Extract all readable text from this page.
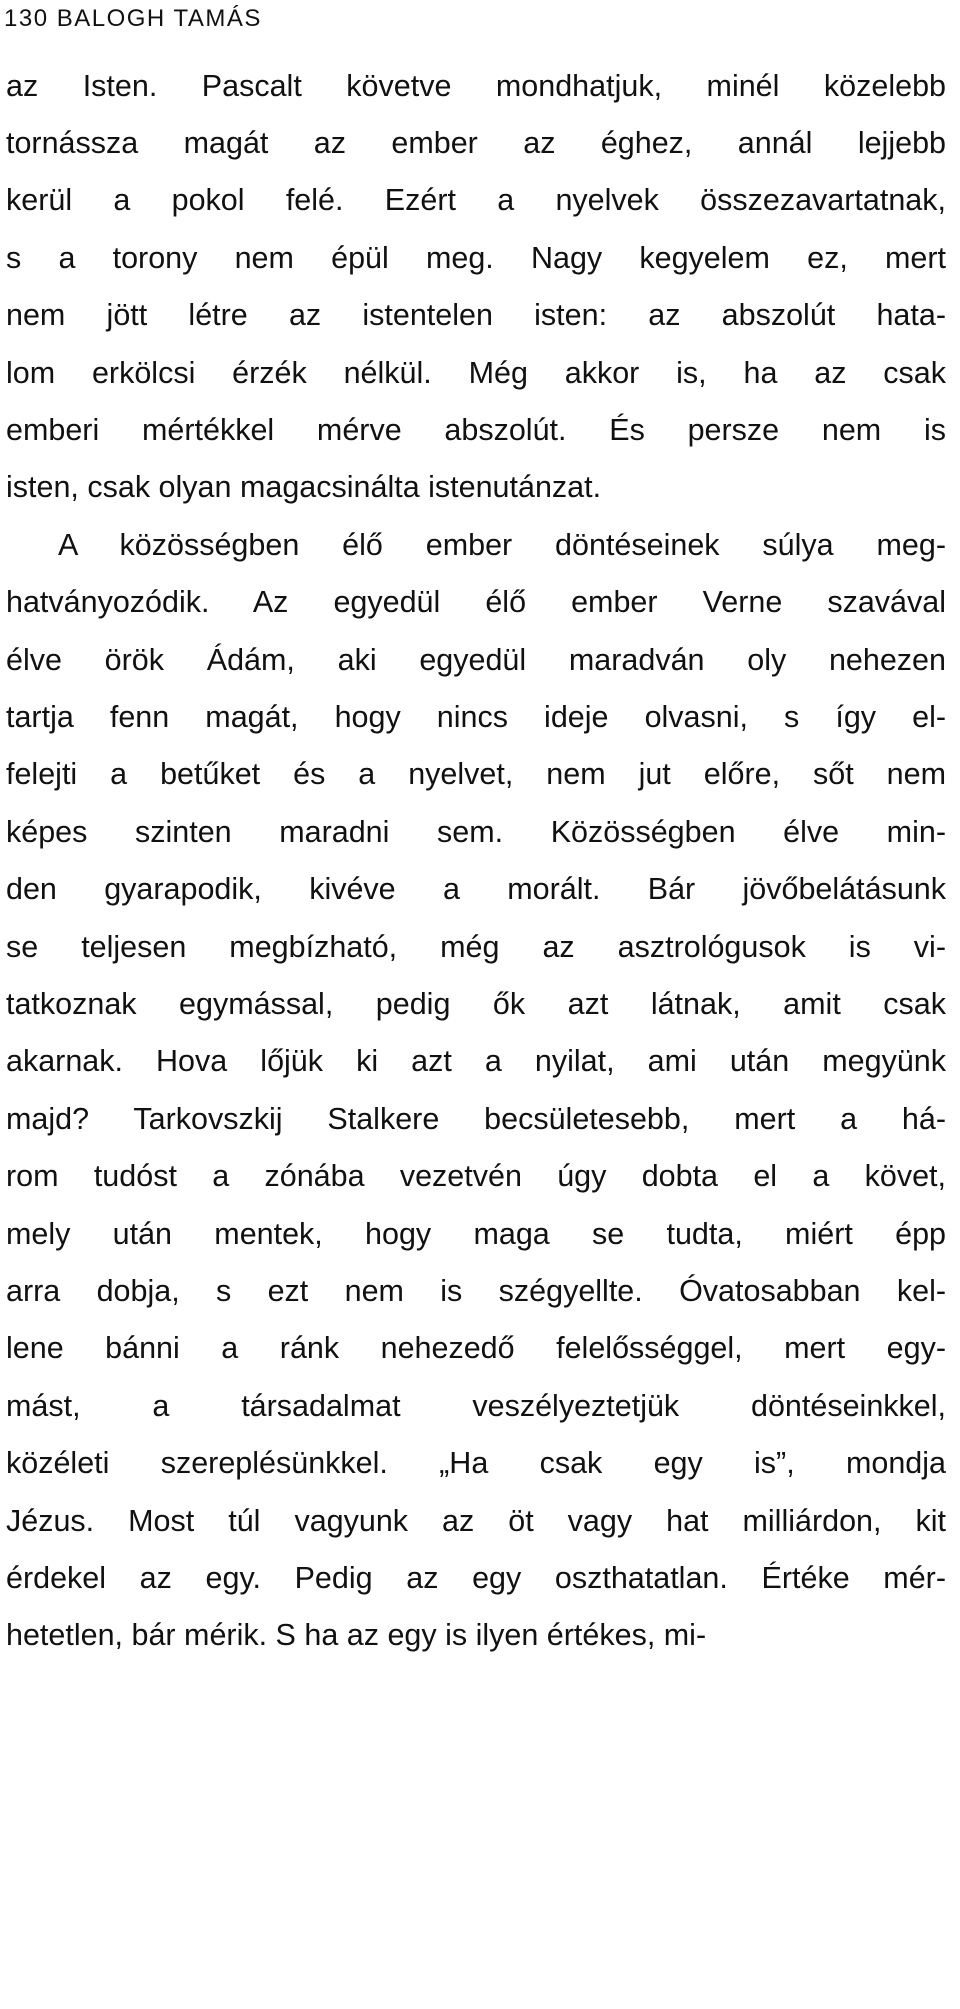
130 BALOGH TAMÁS
az Isten. Pascalt követve mondhatjuk, minél közelebb
tornássza magát az ember az éghez, annál lejjebb
kerül a pokol felé. Ezért a nyelvek összezavartatnak,
s a torony nem épül meg. Nagy kegyelem ez, mert
nem jött létre az istentelen isten: az abszolút hata-
lom erkölcsi érzék nélkül. Még akkor is, ha az csak
emberi mértékkel mérve abszolút. És persze nem is
isten, csak olyan magacsinálta istenutánzat.
A közösségben élő ember döntéseinek súlya meg-
hatványozódik. Az egyedül élő ember Verne szavával
élve örök Ádám, aki egyedül maradván oly nehezen
tartja fenn magát, hogy nincs ideje olvasni, s így el-
felejti a betűket és a nyelvet, nem jut előre, sőt nem
képes szinten maradni sem. Közösségben élve min-
den gyarapodik, kivéve a morált. Bár jövőbelátásunk
se teljesen megbízható, még az asztrológusok is vi-
tatkoznak egymással, pedig ők azt látnak, amit csak
akarnak. Hova lőjük ki azt a nyilat, ami után megyünk
majd? Tarkovszkij Stalkere becsületesebb, mert a há-
rom tudóst a zónába vezetvén úgy dobta el a követ,
mely után mentek, hogy maga se tudta, miért épp
arra dobja, s ezt nem is szégyellte. Óvatosabban kel-
lene bánni a ránk nehezedő felelősséggel, mert egy-
mást, a társadalmat veszélyeztetjük döntéseinkkel,
közéleti szereplésünkkel. „Ha csak egy is”, mondja
Jézus. Most túl vagyunk az öt vagy hat milliárdon, kit
érdekel az egy. Pedig az egy oszthatatlan. Értéke mér-
hetetlen, bár mérik. S ha az egy is ilyen értékes, mi-
